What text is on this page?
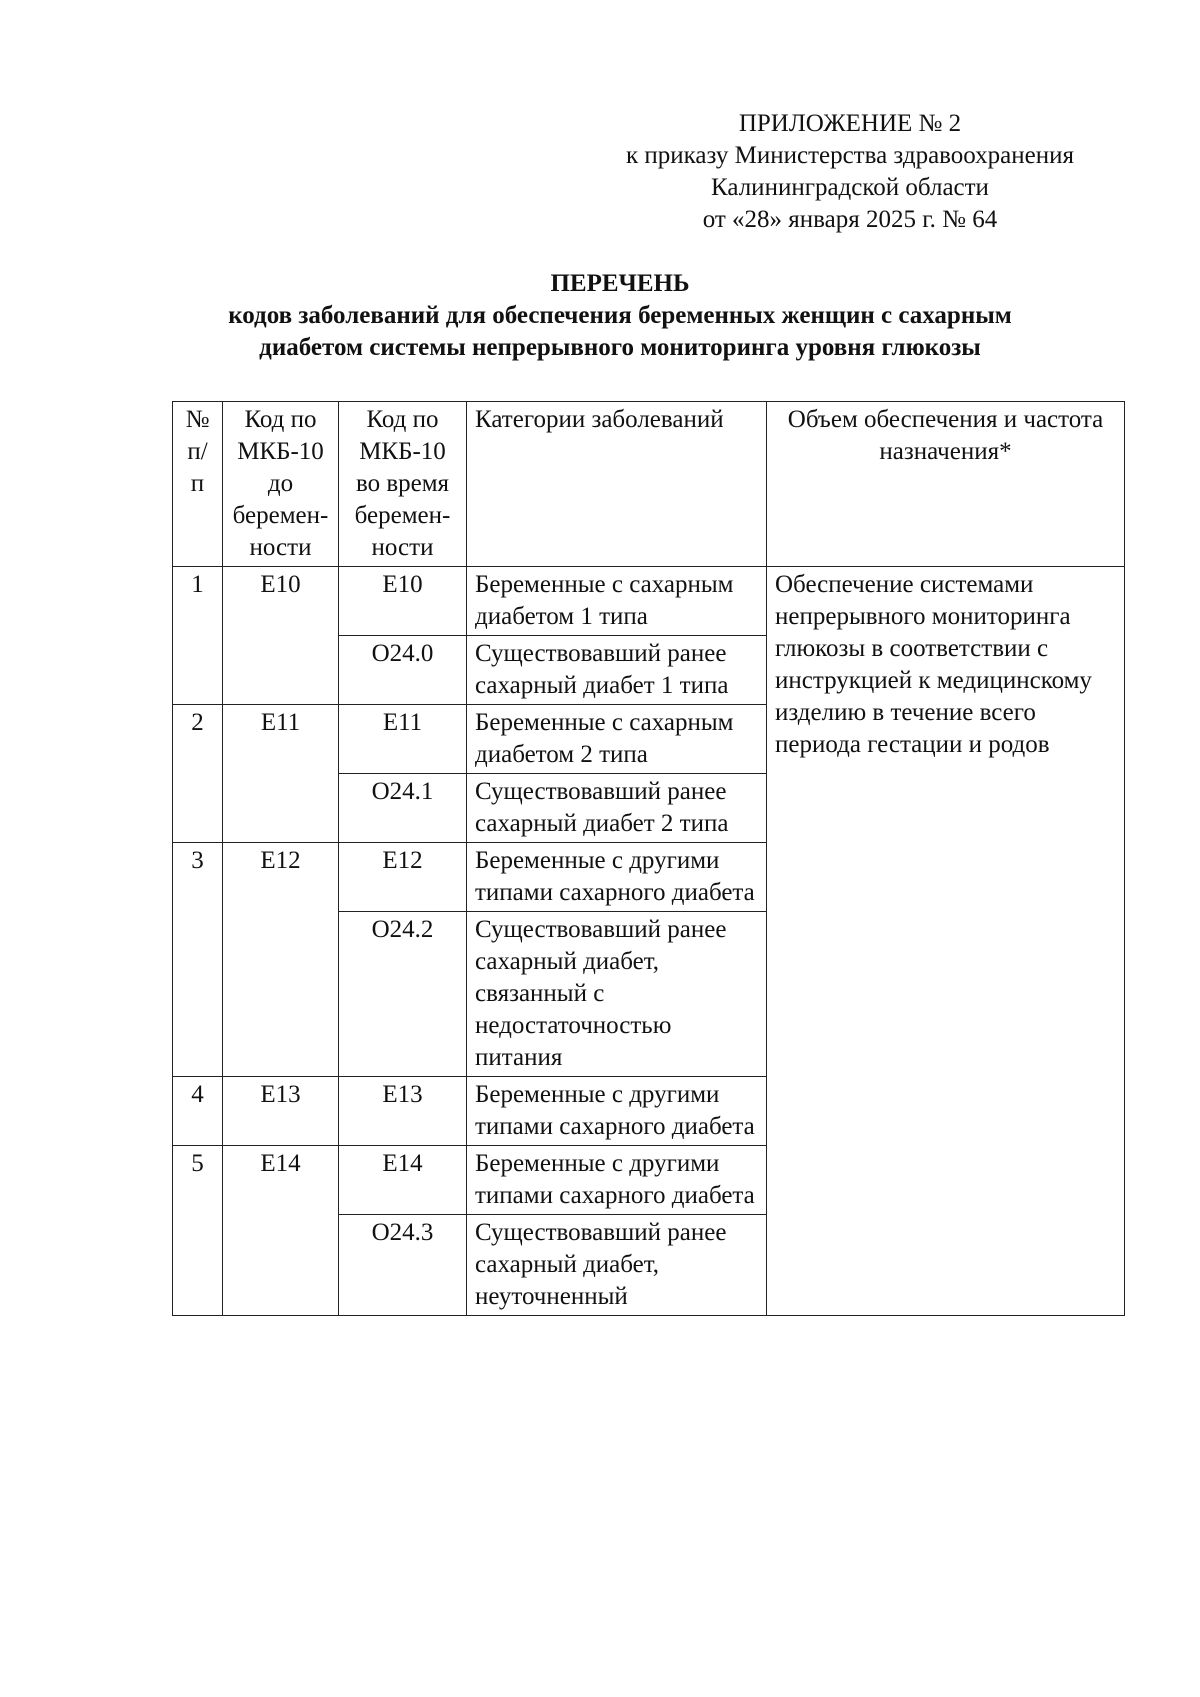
ПРИЛОЖЕНИЕ № 2
к приказу Министерства здравоохранения
Калининградской области
от «28» января 2025 г. № 64
ПЕРЕЧЕНЬ
кодов заболеваний для обеспечения беременных женщин с сахарным
диабетом системы непрерывного мониторинга уровня глюкозы
№ п/п	Код по МКБ-10 до беремен-ности	Код по МКБ-10 во время беремен-ности	Категории заболеваний	Объем обеспечения и частота назначения*
1	E10	E10	Беременные с сахарным диабетом 1 типа	Обеспечение системами непрерывного мониторинга глюкозы в соответствии с инструкцией к медицинскому изделию в течение всего периода гестации и родов
		O24.0	Существовавший ранее сахарный диабет 1 типа	
2	E11	E11	Беременные с сахарным диабетом 2 типа	
		O24.1	Существовавший ранее сахарный диабет 2 типа	
3	E12	E12	Беременные с другими типами сахарного диабета	
		O24.2	Существовавший ранее сахарный диабет, связанный с недостаточностью питания	
4	E13	E13	Беременные с другими типами сахарного диабета	
5	E14	E14	Беременные с другими типами сахарного диабета	
		O24.3	Существовавший ранее сахарный диабет, неуточненный	
